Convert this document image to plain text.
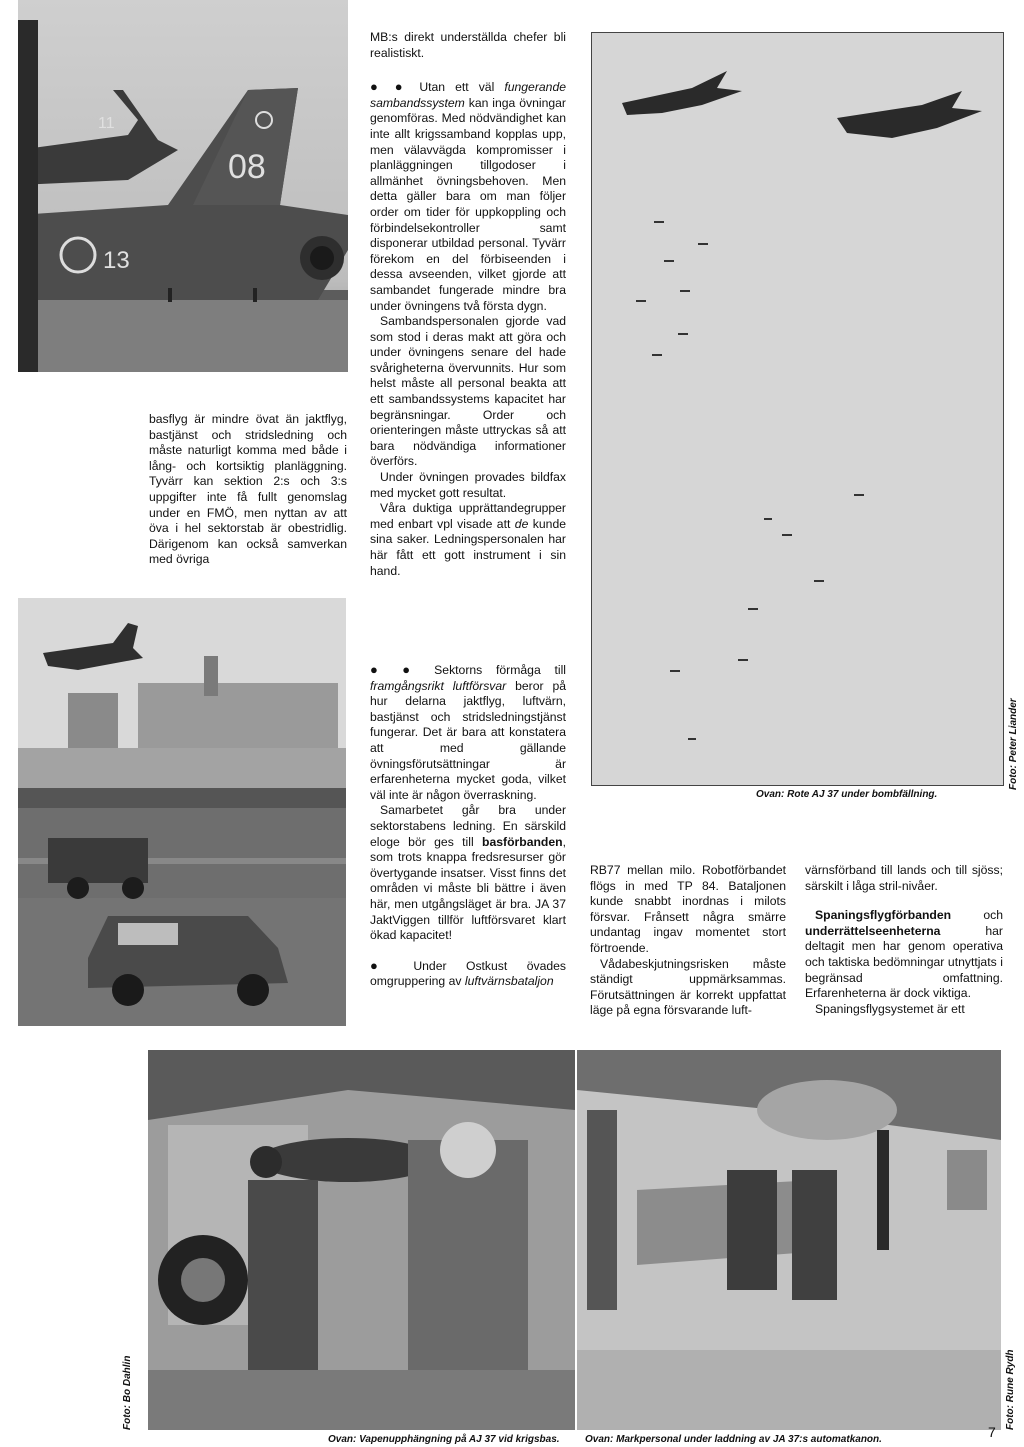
08
11
13

basflyg är mindre övat än jaktflyg, bastjänst och stridsledning och måste naturligt komma med både i lång- och kortsiktig planläggning. Tyvärr kan sektion 2:s och 3:s uppgifter inte få fullt genomslag under en FMÖ, men nyttan av att öva i hel sektorstab är obestridlig. Därigenom kan också samverkan med övriga

MB:s direkt underställda chefer bli realistiskt.

● ● Utan ett väl fungerande sambandssystem kan inga övningar genomföras. Med nödvändighet kan inte allt krigssamband kopplas upp, men välavvägda kompromisser i planläggningen tillgodoser i allmänhet övningsbehoven. Men detta gäller bara om man följer order om tider för uppkoppling och förbindelsekontroller samt disponerar utbildad personal. Tyvärr förekom en del förbiseenden i dessa avseenden, vilket gjorde att sambandet fungerade mindre bra under övningens två första dygn.

Sambandspersonalen gjorde vad som stod i deras makt att göra och under övningens senare del hade svårigheterna övervunnits. Hur som helst måste all personal beakta att ett sambandssystems kapacitet har begränsningar. Order och orienteringen måste uttryckas så att bara nödvändiga informationer överförs.

Under övningen provades bildfax med mycket gott resultat.

Våra duktiga upprättandegrupper med enbart vpl visade att de kunde sina saker. Ledningspersonalen har här fått ett gott instrument i sin hand.

● ● Sektorns förmåga till framgångsrikt luftförsvar beror på hur delarna jaktflyg, luftvärn, bastjänst och stridsledningstjänst fungerar. Det är bara att konstatera att med gällande övningsförutsättningar är erfarenheterna mycket goda, vilket väl inte är någon överraskning.

Samarbetet går bra under sektorstabens ledning. En särskild eloge bör ges till basförbanden, som trots knappa fredsresurser gör övertygande insatser. Visst finns det områden vi måste bli bättre i även här, men utgångsläget är bra. JA 37 JaktViggen tillför luftförsvaret klart ökad kapacitet!

● Under Ostkust övades omgruppering av luftvärnsbataljon

Ovan: Rote AJ 37 under bombfällning.
Foto: Peter Liander

RB77 mellan milo. Robotförbandet flögs in med TP 84. Bataljonen kunde snabbt inordnas i milots försvar. Frånsett några smärre undantag ingav momentet stort förtroende.

Vådabeskjutningsrisken måste ständigt uppmärksammas. Förutsättningen är korrekt uppfattat läge på egna försvarande luft-

värnsförband till lands och till sjöss; särskilt i låga stril-nivåer.

Spaningsflygförbanden och underrättelseenheterna har deltagit men har genom operativa och taktiska bedömningar utnyttjats i begränsad omfattning. Erfarenheterna är dock viktiga.

Spaningsflygsystemet är ett

Foto: Bo Dahlin	Foto: Rune Rydh
Ovan: Vapenupphängning på AJ 37 vid krigsbas.	Ovan: Markpersonal under laddning av JA 37:s automatkanon.	7
